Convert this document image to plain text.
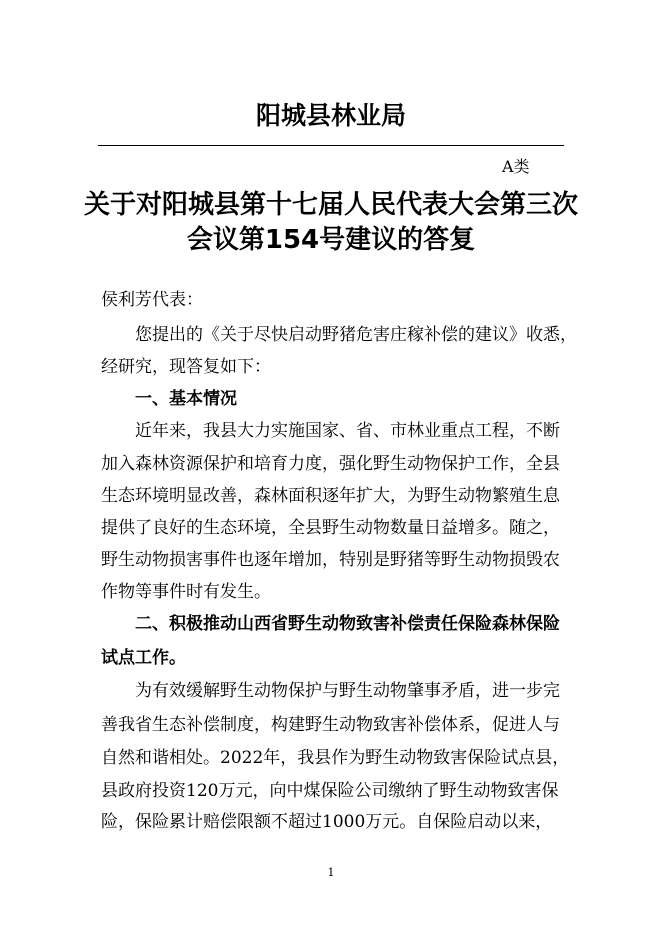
阳城县林业局
A类
关于对阳城县第十七届人民代表大会第三次
会议第154号建议的答复
侯利芳代表：
　　您提出的《关于尽快启动野猪危害庄稼补偿的建议》收悉，
经研究，现答复如下：
　　一、基本情况
　　近年来，我县大力实施国家、省、市林业重点工程，不断
加入森林资源保护和培育力度，强化野生动物保护工作，全县
生态环境明显改善，森林面积逐年扩大，为野生动物繁殖生息
提供了良好的生态环境，全县野生动物数量日益增多。随之，
野生动物损害事件也逐年增加，特别是野猪等野生动物损毁农
作物等事件时有发生。
　　二、积极推动山西省野生动物致害补偿责任保险森林保险
试点工作。
　　为有效缓解野生动物保护与野生动物肇事矛盾，进一步完
善我省生态补偿制度，构建野生动物致害补偿体系，促进人与
自然和谐相处。2022年，我县作为野生动物致害保险试点县，
县政府投资120万元，向中煤保险公司缴纳了野生动物致害保
险，保险累计赔偿限额不超过1000万元。自保险启动以来，
1
